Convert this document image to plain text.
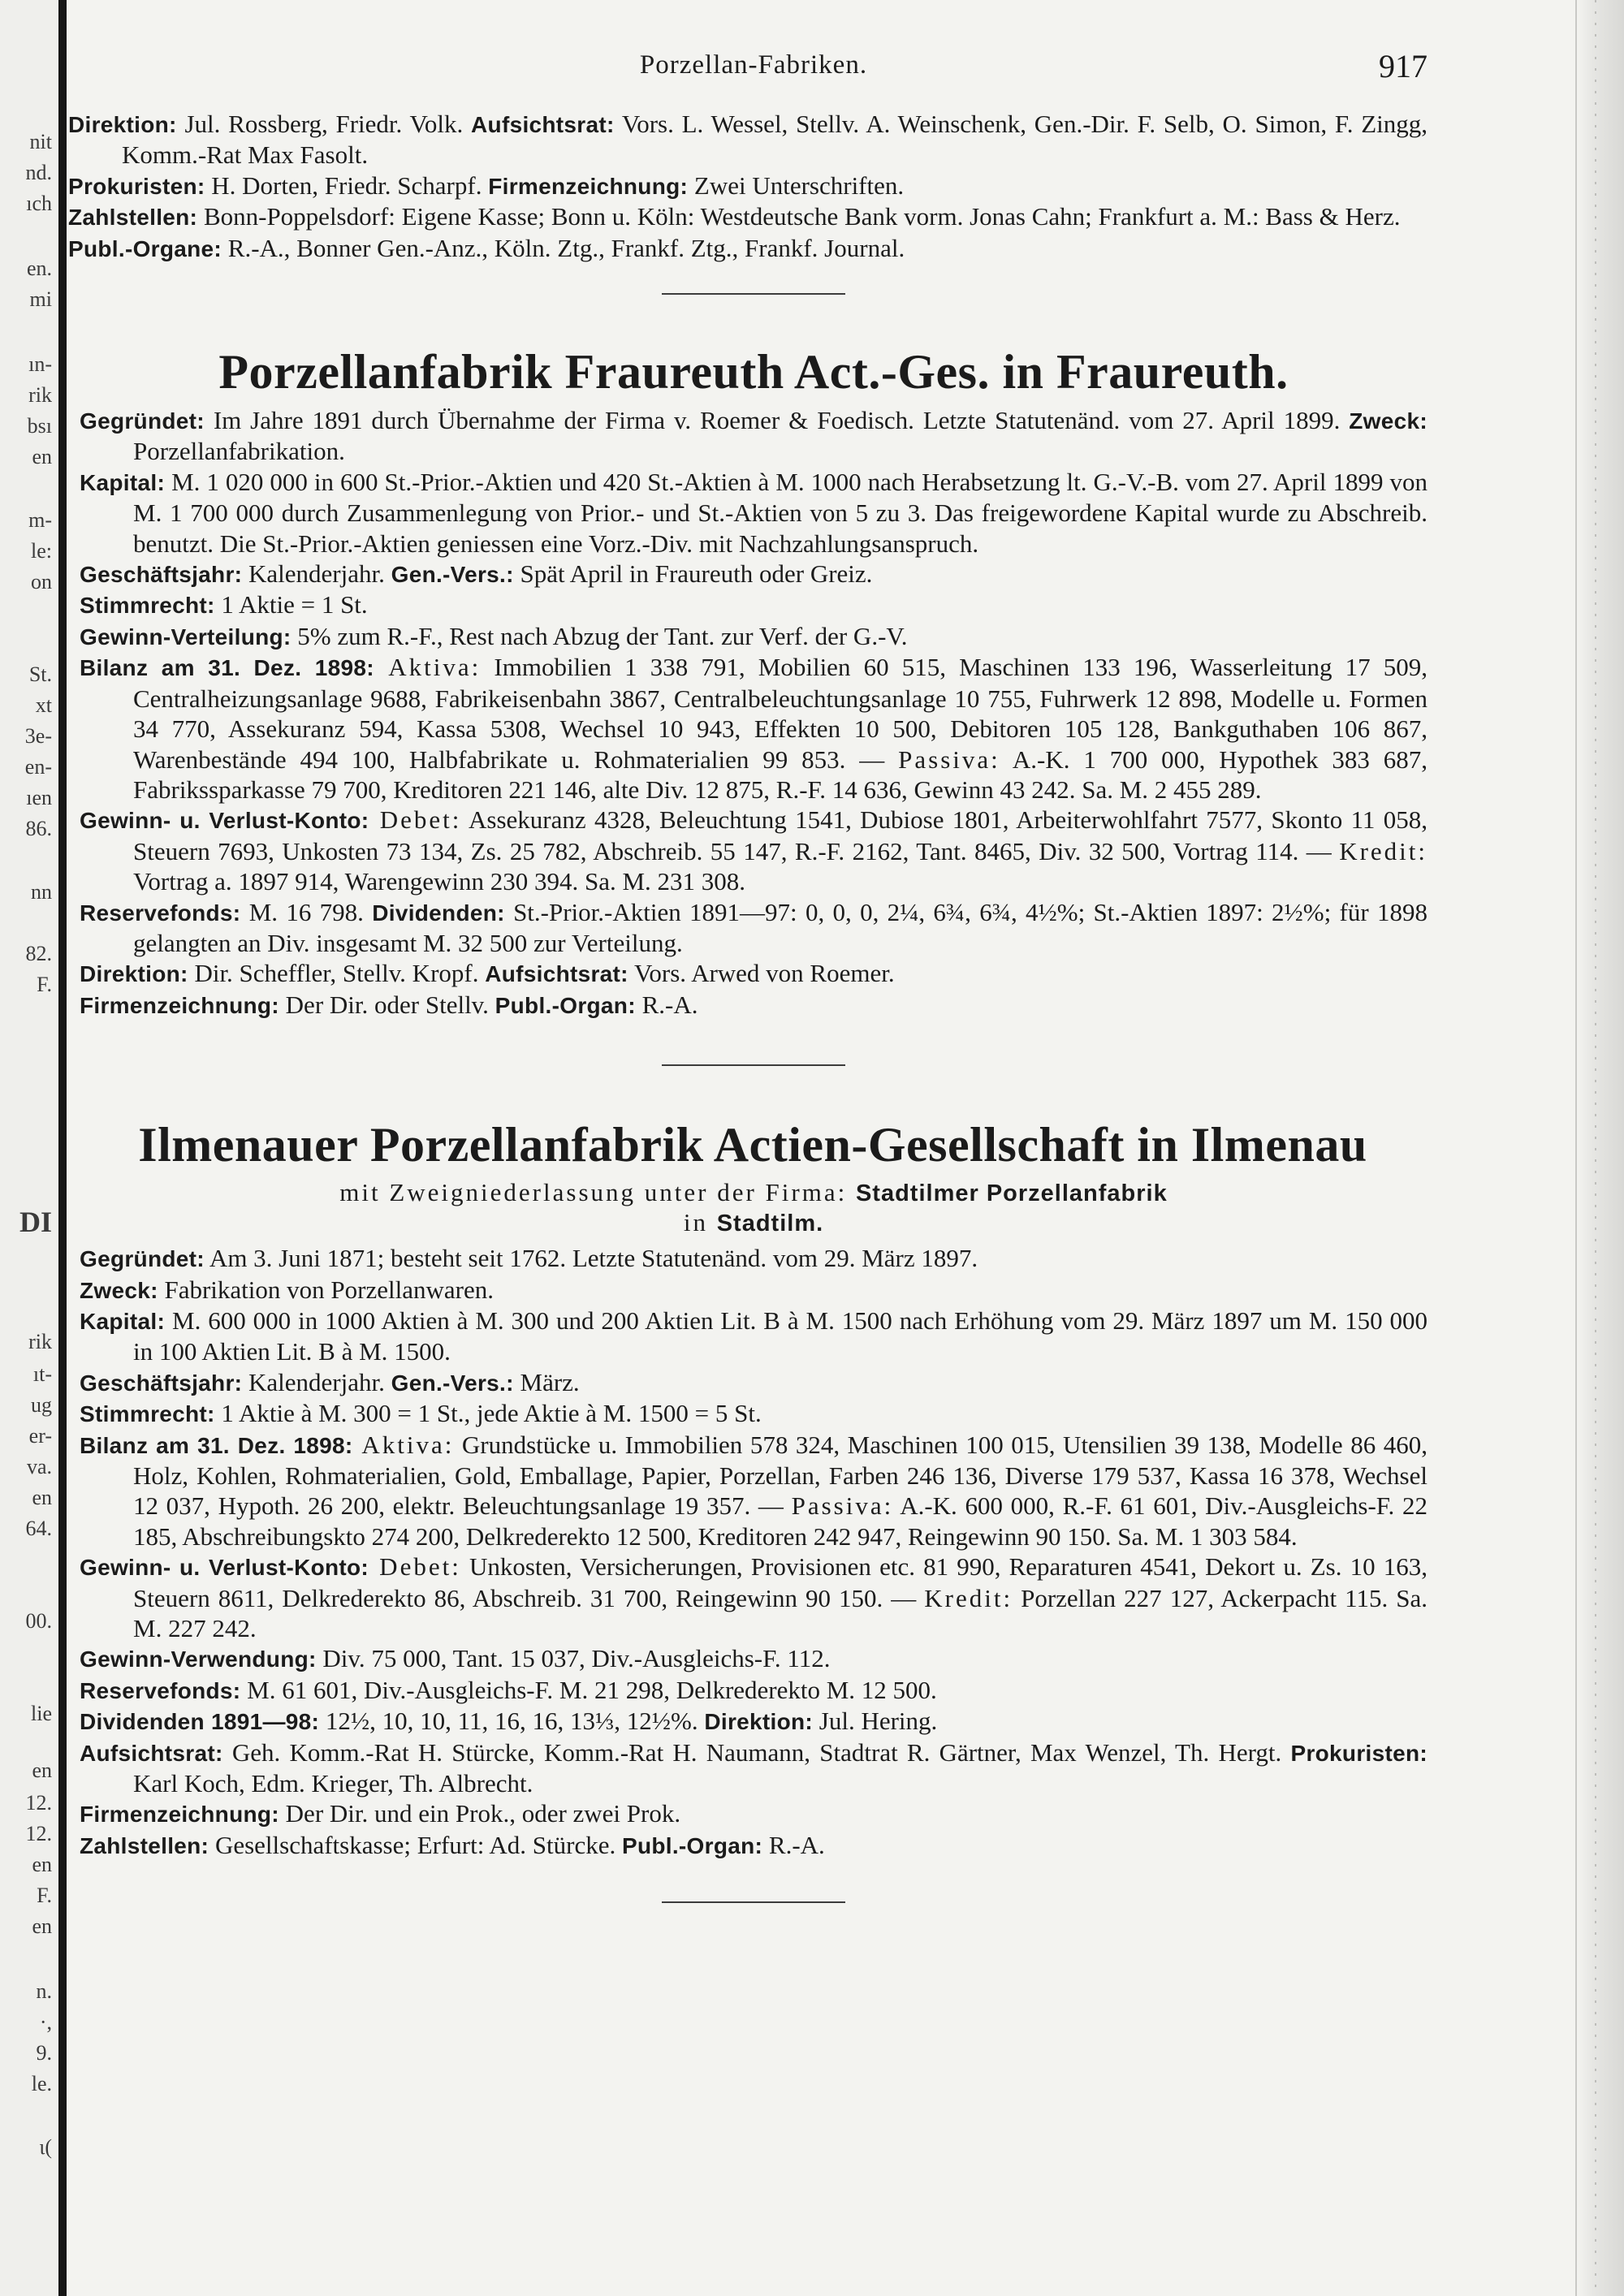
nit
nd.
ıch
en.
mi
ın-
rik
bsı
en
m-
le:
on
St.
xt
3e-
en-
ıen
86.
nn
82.
F.
DI
rik
ıt-
ug
er-
va.
en
64.
00.
lie
en
12.
12.
en
F.
en
n.
·,
9.
le.
ι(
Porzellan-Fabriken.	917

Direktion: Jul. Rossberg, Friedr. Volk. Aufsichtsrat: Vors. L. Wessel, Stellv. A. Weinschenk, Gen.-Dir. F. Selb, O. Simon, F. Zingg, Komm.-Rat Max Fasolt.

Prokuristen: H. Dorten, Friedr. Scharpf. Firmenzeichnung: Zwei Unterschriften.

Zahlstellen: Bonn-Poppelsdorf: Eigene Kasse; Bonn u. Köln: Westdeutsche Bank vorm. Jonas Cahn; Frankfurt a. M.: Bass & Herz.

Publ.-Organe: R.-A., Bonner Gen.-Anz., Köln. Ztg., Frankf. Ztg., Frankf. Journal.

Porzellanfabrik Fraureuth Act.-Ges. in Fraureuth.

Gegründet: Im Jahre 1891 durch Übernahme der Firma v. Roemer & Foedisch. Letzte Statutenänd. vom 27. April 1899. Zweck: Porzellanfabrikation.

Kapital: M. 1 020 000 in 600 St.-Prior.-Aktien und 420 St.-Aktien à M. 1000 nach Herabsetzung lt. G.-V.-B. vom 27. April 1899 von M. 1 700 000 durch Zusammenlegung von Prior.- und St.-Aktien von 5 zu 3. Das freigewordene Kapital wurde zu Abschreib. benutzt. Die St.-Prior.-Aktien geniessen eine Vorz.-Div. mit Nachzahlungsanspruch.

Geschäftsjahr: Kalenderjahr. Gen.-Vers.: Spät April in Fraureuth oder Greiz.

Stimmrecht: 1 Aktie = 1 St.

Gewinn-Verteilung: 5% zum R.-F., Rest nach Abzug der Tant. zur Verf. der G.-V.

Bilanz am 31. Dez. 1898: Aktiva: Immobilien 1 338 791, Mobilien 60 515, Maschinen 133 196, Wasserleitung 17 509, Centralheizungsanlage 9688, Fabrikeisenbahn 3867, Centralbeleuchtungsanlage 10 755, Fuhrwerk 12 898, Modelle u. Formen 34 770, Assekuranz 594, Kassa 5308, Wechsel 10 943, Effekten 10 500, Debitoren 105 128, Bankguthaben 106 867, Warenbestände 494 100, Halbfabrikate u. Rohmaterialien 99 853. — Passiva: A.-K. 1 700 000, Hypothek 383 687, Fabrikssparkasse 79 700, Kreditoren 221 146, alte Div. 12 875, R.-F. 14 636, Gewinn 43 242. Sa. M. 2 455 289.

Gewinn- u. Verlust-Konto: Debet: Assekuranz 4328, Beleuchtung 1541, Dubiose 1801, Arbeiterwohlfahrt 7577, Skonto 11 058, Steuern 7693, Unkosten 73 134, Zs. 25 782, Abschreib. 55 147, R.-F. 2162, Tant. 8465, Div. 32 500, Vortrag 114. — Kredit: Vortrag a. 1897 914, Warengewinn 230 394. Sa. M. 231 308.

Reservefonds: M. 16 798. Dividenden: St.-Prior.-Aktien 1891—97: 0, 0, 0, 2¼, 6¾, 6¾, 4½%; St.-Aktien 1897: 2½%; für 1898 gelangten an Div. insgesamt M. 32 500 zur Verteilung.

Direktion: Dir. Scheffler, Stellv. Kropf. Aufsichtsrat: Vors. Arwed von Roemer.

Firmenzeichnung: Der Dir. oder Stellv. Publ.-Organ: R.-A.

Ilmenauer Porzellanfabrik Actien-Gesellschaft in Ilmenau
mit Zweigniederlassung unter der Firma: Stadtilmer Porzellanfabrik
in Stadtilm.

Gegründet: Am 3. Juni 1871; besteht seit 1762. Letzte Statutenänd. vom 29. März 1897.

Zweck: Fabrikation von Porzellanwaren.

Kapital: M. 600 000 in 1000 Aktien à M. 300 und 200 Aktien Lit. B à M. 1500 nach Erhöhung vom 29. März 1897 um M. 150 000 in 100 Aktien Lit. B à M. 1500.

Geschäftsjahr: Kalenderjahr. Gen.-Vers.: März.

Stimmrecht: 1 Aktie à M. 300 = 1 St., jede Aktie à M. 1500 = 5 St.

Bilanz am 31. Dez. 1898: Aktiva: Grundstücke u. Immobilien 578 324, Maschinen 100 015, Utensilien 39 138, Modelle 86 460, Holz, Kohlen, Rohmaterialien, Gold, Emballage, Papier, Porzellan, Farben 246 136, Diverse 179 537, Kassa 16 378, Wechsel 12 037, Hypoth. 26 200, elektr. Beleuchtungsanlage 19 357. — Passiva: A.-K. 600 000, R.-F. 61 601, Div.-Ausgleichs-F. 22 185, Abschreibungskto 274 200, Delkrederekto 12 500, Kreditoren 242 947, Reingewinn 90 150. Sa. M. 1 303 584.

Gewinn- u. Verlust-Konto: Debet: Unkosten, Versicherungen, Provisionen etc. 81 990, Reparaturen 4541, Dekort u. Zs. 10 163, Steuern 8611, Delkrederekto 86, Abschreib. 31 700, Reingewinn 90 150. — Kredit: Porzellan 227 127, Ackerpacht 115. Sa. M. 227 242.

Gewinn-Verwendung: Div. 75 000, Tant. 15 037, Div.-Ausgleichs-F. 112.

Reservefonds: M. 61 601, Div.-Ausgleichs-F. M. 21 298, Delkrederekto M. 12 500.

Dividenden 1891—98: 12½, 10, 10, 11, 16, 16, 13⅓, 12½%. Direktion: Jul. Hering.

Aufsichtsrat: Geh. Komm.-Rat H. Stürcke, Komm.-Rat H. Naumann, Stadtrat R. Gärtner, Max Wenzel, Th. Hergt. Prokuristen: Karl Koch, Edm. Krieger, Th. Albrecht.

Firmenzeichnung: Der Dir. und ein Prok., oder zwei Prok.

Zahlstellen: Gesellschaftskasse; Erfurt: Ad. Stürcke. Publ.-Organ: R.-A.
